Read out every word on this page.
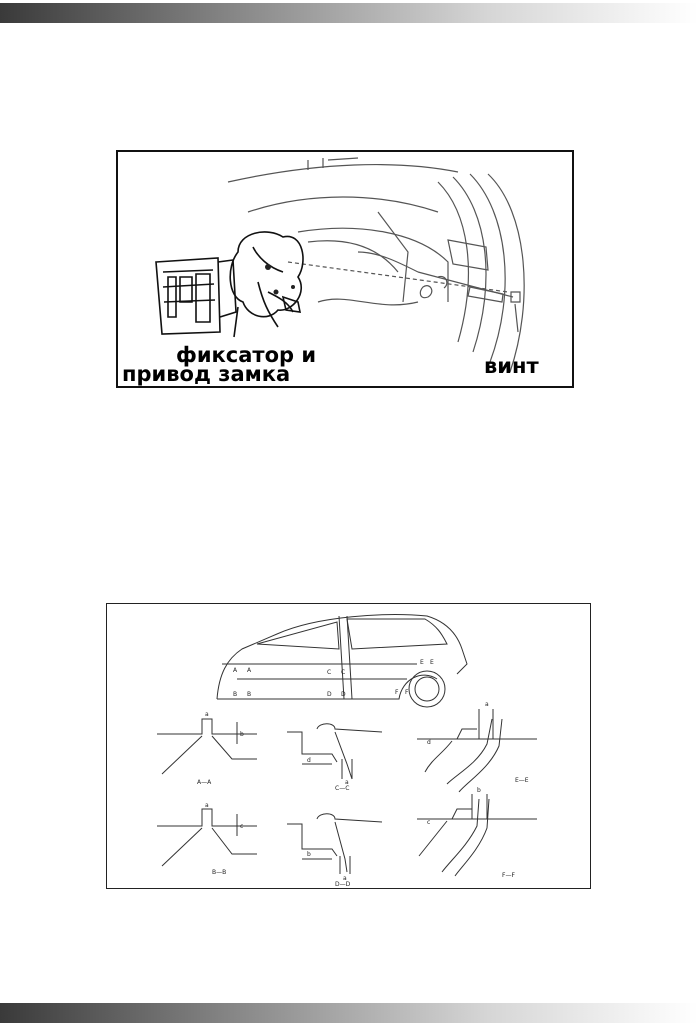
фиксатор и
привод замка	винт
A A
B B
C C
D D
E E
F F
A—A
B—B
C—C
D—D
E—E
F—F
a
b
a
c
d
a
b
a
d
a
c
b
